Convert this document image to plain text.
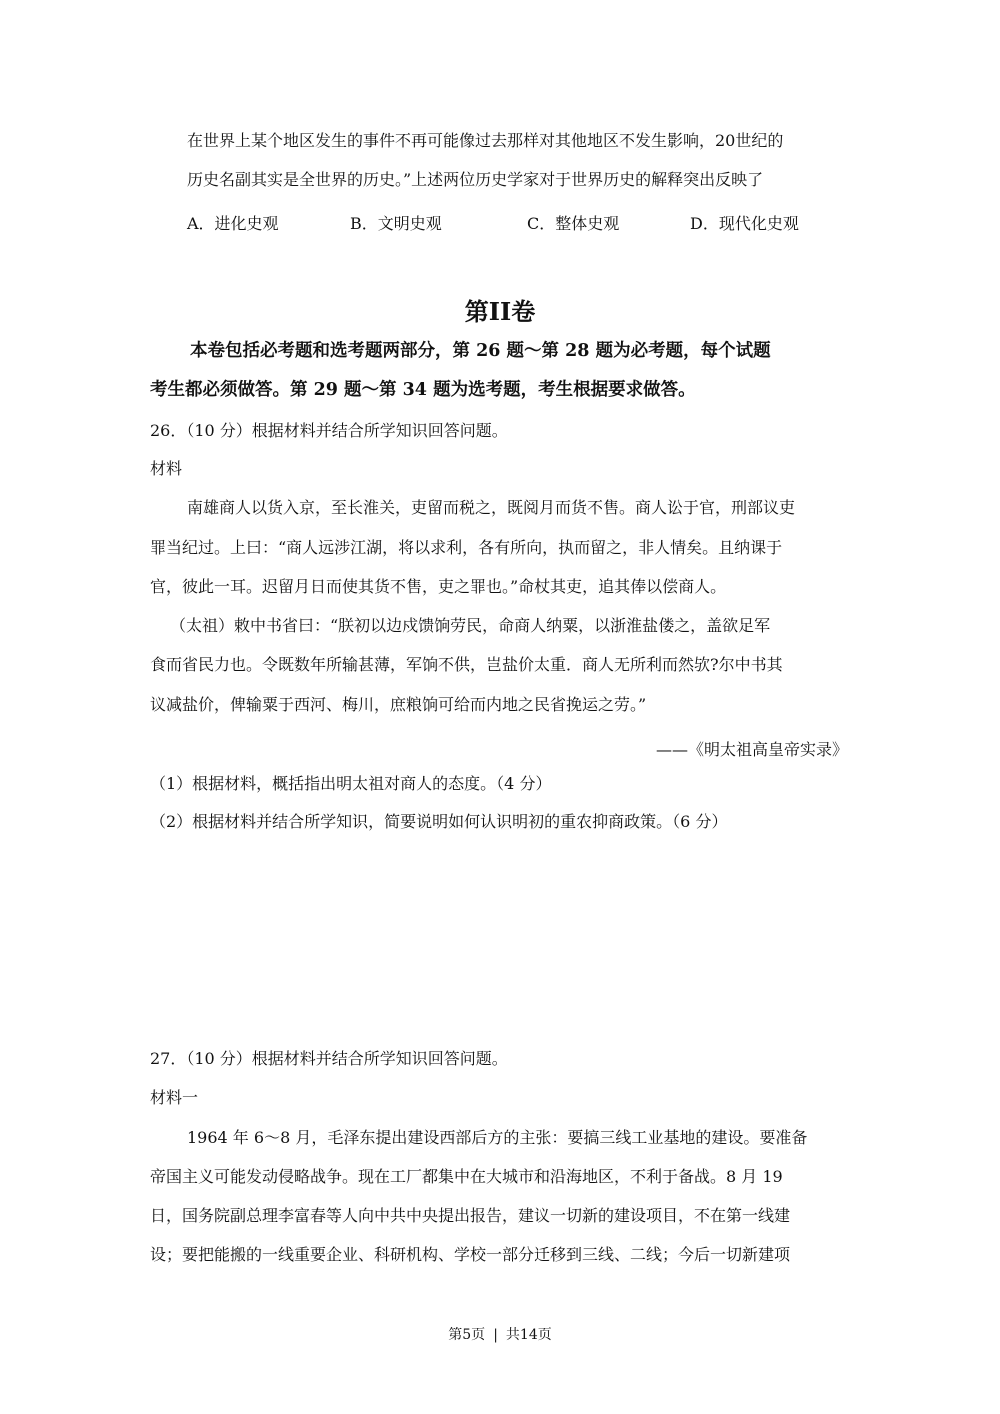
在世界上某个地区发生的事件不再可能像过去那样对其他地区不发生影响，20世纪的
历史名副其实是全世界的历史。”上述两位历史学家对于世界历史的解释突出反映了
A．进化史观	B．文明史观	C．整体史观	D．现代化史观
第II卷
本卷包括必考题和选考题两部分，第 26 题～第 28 题为必考题，每个试题
考生都必须做答。第 29 题～第 34 题为选考题，考生根据要求做答。
26．（10 分）根据材料并结合所学知识回答问题。
材料
南雄商人以货入京，至长淮关，吏留而税之，既阅月而货不售。商人讼于官，刑部议吏
罪当纪过。上曰：“商人远涉江湖，将以求利，各有所向，执而留之，非人情矣。且纳课于
官，彼此一耳。迟留月日而使其货不售，吏之罪也。”命杖其吏，追其俸以偿商人。
（太祖）敕中书省曰：“朕初以边戍馈饷劳民，命商人纳粟，以浙淮盐偻之，盖欲足军
食而省民力也。令既数年所输甚薄，军饷不供，岂盐价太重．商人无所利而然欤?尔中书其
议减盐价，俾输粟于西河、梅川，庶粮饷可给而内地之民省挽运之劳。”
——《明太祖高皇帝实录》
（1）根据材料，概括指出明太祖对商人的态度。（4 分）
（2）根据材料并结合所学知识，简要说明如何认识明初的重农抑商政策。（6 分）
27．（10 分）根据材料并结合所学知识回答问题。
材料一
1964 年 6～8 月，毛泽东提出建设西部后方的主张：要搞三线工业基地的建设。要准备
帝国主义可能发动侵略战争。现在工厂都集中在大城市和沿海地区，不利于备战。8 月 19
日，国务院副总理李富春等人向中共中央提出报告，建议一切新的建设项目，不在第一线建
设；要把能搬的一线重要企业、科研机构、学校一部分迁移到三线、二线；今后一切新建项
第5页 | 共14页
